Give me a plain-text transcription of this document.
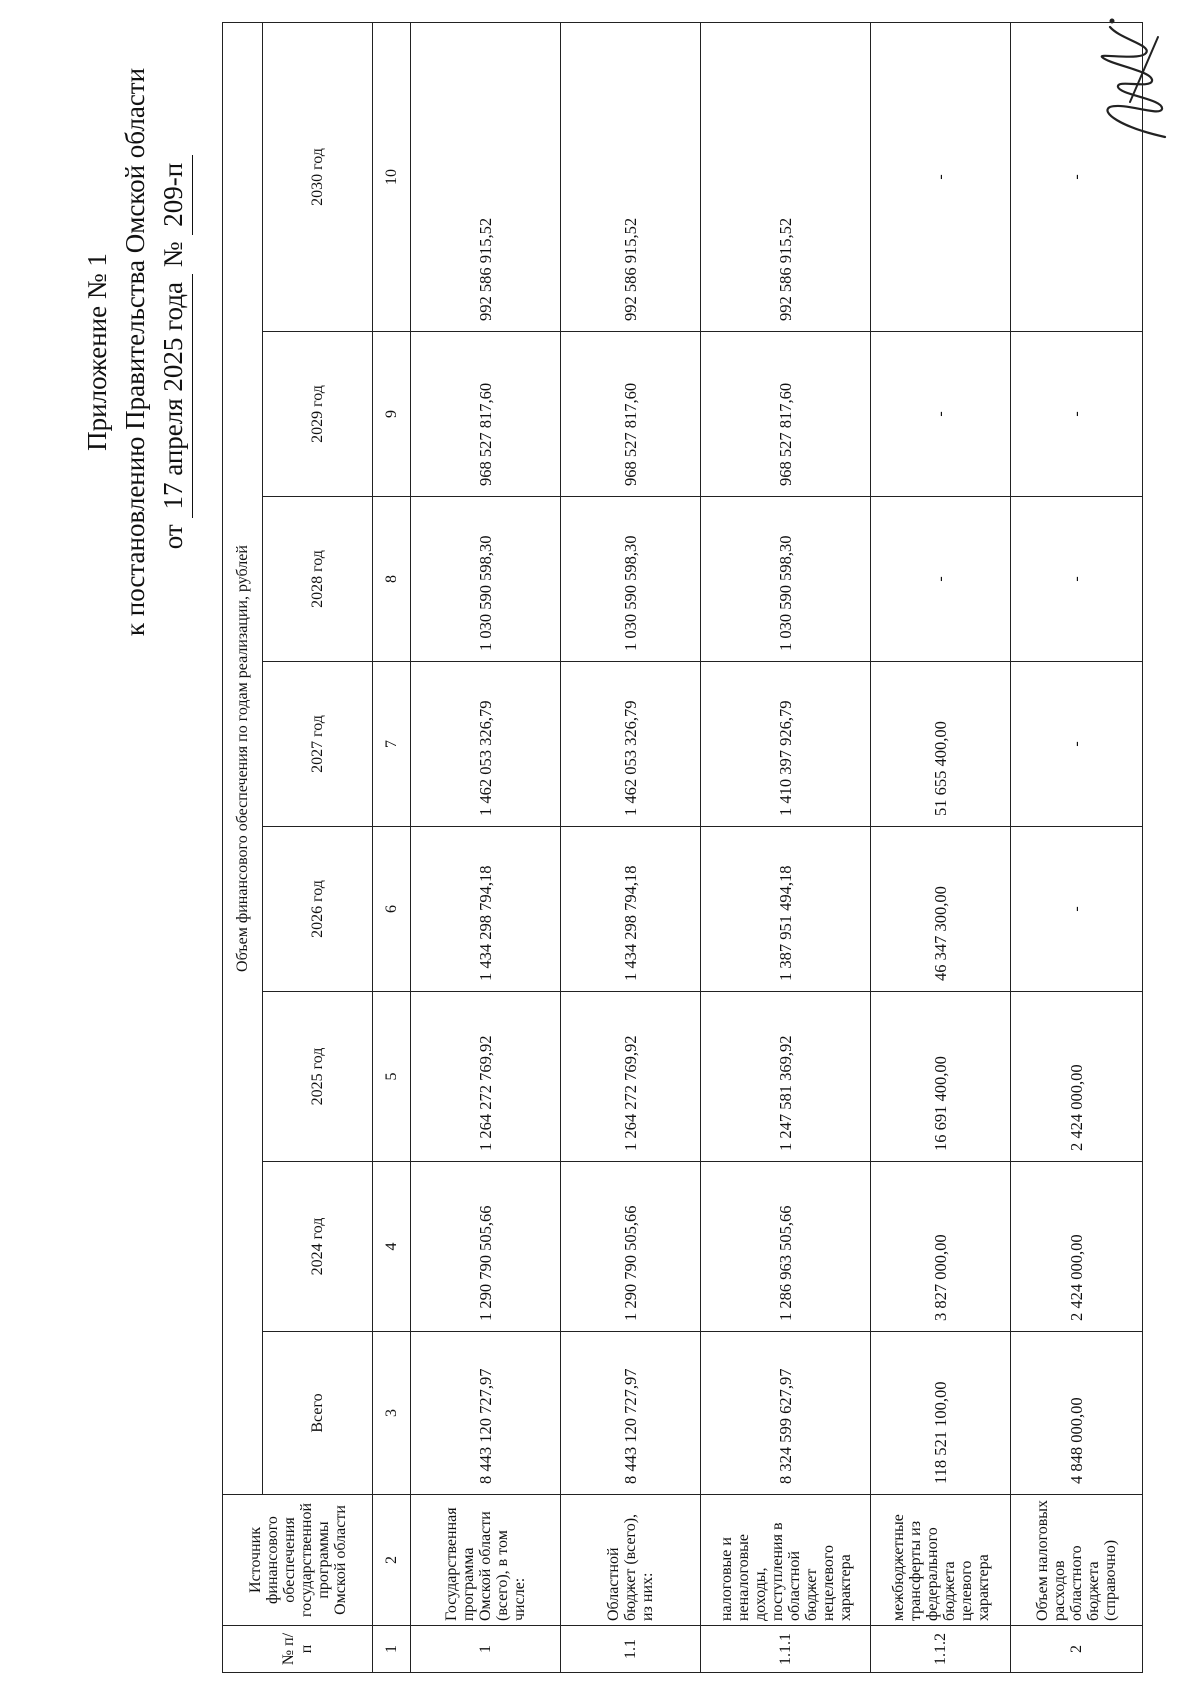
Приложение № 1 к постановлению Правительства Омской области от 17 апреля 2025 года № 209-п
№ п/п	Источник финансового обеспечения государственной программы Омской области	Объем финансового обеспечения по годам реализации, рублей							
		Всего	2024 год	2025 год	2026 год	2027 год	2028 год	2029 год	2030 год
1	2	3	4	5	6	7	8	9	10
1	Государственная программа Омской области (всего), в том числе:	8 443 120 727,97	1 290 790 505,66	1 264 272 769,92	1 434 298 794,18	1 462 053 326,79	1 030 590 598,30	968 527 817,60	992 586 915,52
1.1	Областной бюджет (всего), из них:	8 443 120 727,97	1 290 790 505,66	1 264 272 769,92	1 434 298 794,18	1 462 053 326,79	1 030 590 598,30	968 527 817,60	992 586 915,52
1.1.1	налоговые и неналоговые доходы, поступления в областной бюджет нецелевого характера	8 324 599 627,97	1 286 963 505,66	1 247 581 369,92	1 387 951 494,18	1 410 397 926,79	1 030 590 598,30	968 527 817,60	992 586 915,52
1.1.2	межбюджетные трансферты из федерального бюджета целевого характера	118 521 100,00	3 827 000,00	16 691 400,00	46 347 300,00	51 655 400,00	-	-	-
2	Объем налоговых расходов областного бюджета (справочно)	4 848 000,00	2 424 000,00	2 424 000,00	-	-	-	-	-
